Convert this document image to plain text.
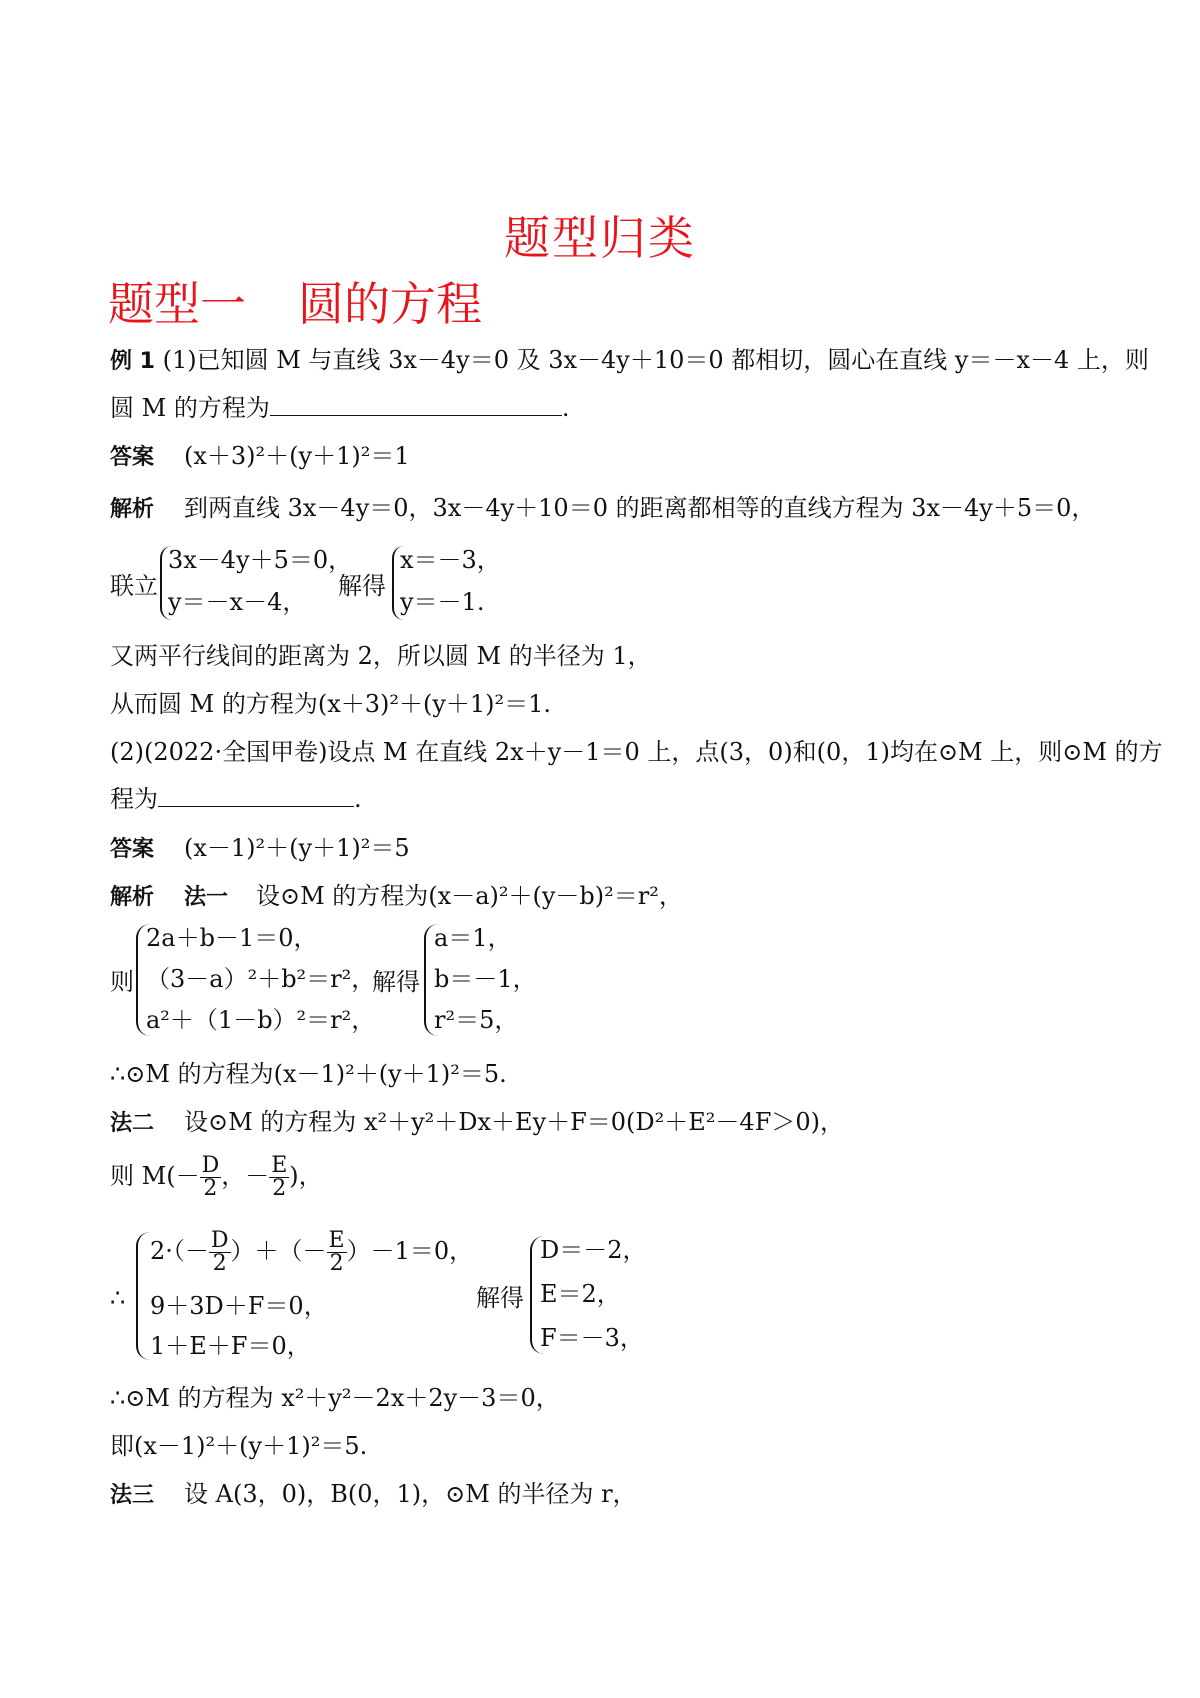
题型归类
题型一 圆的方程
例 1 (1)已知圆 M 与直线 3x－4y＝0 及 3x－4y＋10＝0 都相切，圆心在直线 y＝－x－4 上，则
圆 M 的方程为	.
答案 (x＋3)²＋(y＋1)²＝1
解析 到两直线 3x－4y＝0，3x－4y＋10＝0 的距离都相等的直线方程为 3x－4y＋5＝0，
联立
3x－4y＋5＝0，
y＝－x－4，
解得
x＝－3，
y＝－1.
又两平行线间的距离为 2，所以圆 M 的半径为 1，
从而圆 M 的方程为(x＋3)²＋(y＋1)²＝1.
(2)(2022·全国甲卷)设点 M 在直线 2x＋y－1＝0 上，点(3，0)和(0，1)均在⊙M 上，则⊙M 的方
程为	.
答案 (x－1)²＋(y＋1)²＝5
解析 法一 设⊙M 的方程为(x－a)²＋(y－b)²＝r²，
则
2a＋b－1＝0，
（3－a）²＋b²＝r²，
a²＋（1－b）²＝r²，
解得
a＝1，
b＝－1，
r²＝5，
∴⊙M 的方程为(x－1)²＋(y＋1)²＝5.
法二 设⊙M 的方程为 x²＋y²＋Dx＋Ey＋F＝0(D²＋E²－4F＞0)，
则 $M(- \frac{D}{2}$ ，－ $\frac{E}{2}$ )，
∴
$2\cdot(- \frac{D}{2}$ ）＋（－ $\frac{E}{2} )-1=0$，
9＋3D＋F＝0，
1＋E＋F＝0，
解得
D＝－2，
E＝2，
F＝－3，
∴⊙M 的方程为 x²＋y²－2x＋2y－3＝0，
即(x－1)²＋(y＋1)²＝5.
法三 设 A(3，0)，B(0，1)，⊙M 的半径为 r，
